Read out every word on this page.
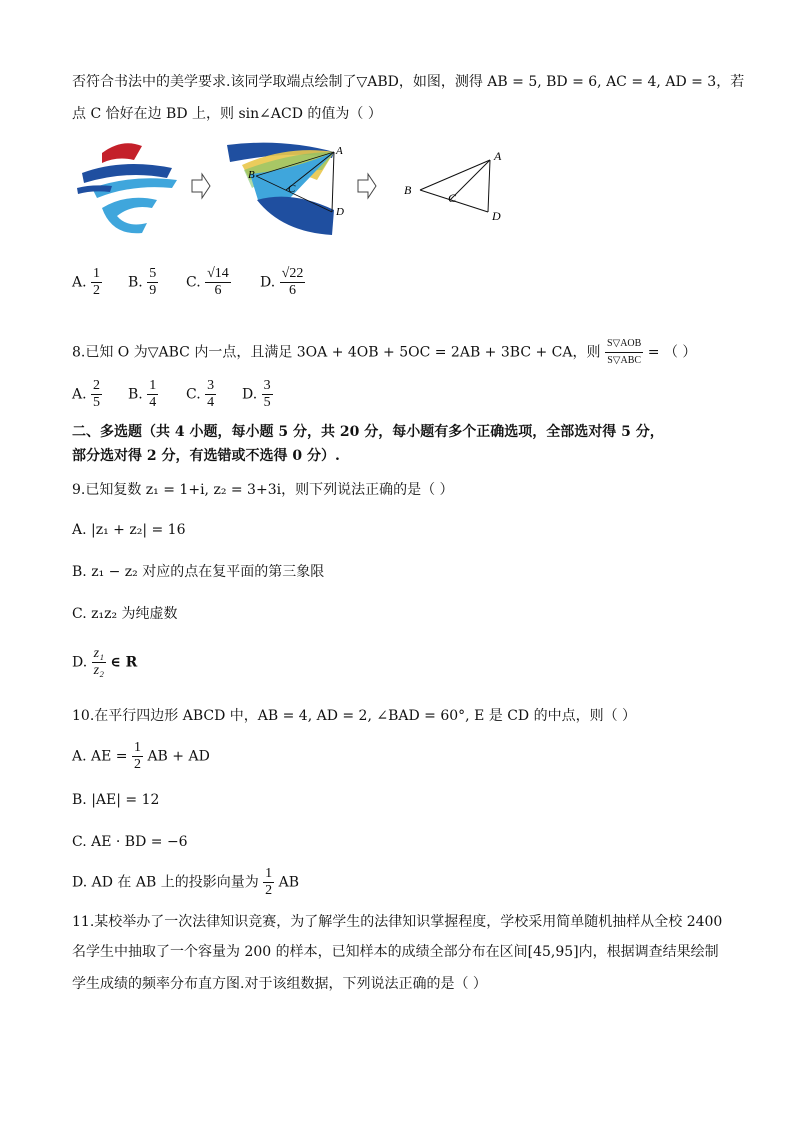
否符合书法中的美学要求.该同学取端点绘制了▽ABD，如图，测得 AB = 5, BD = 6, AC = 4, AD = 3，若
点 C 恰好在边 BD 上，则 sin∠ACD 的值为（ ）
A
B
C
D
A
B
C
D
A. $\frac{1}{2} B$. $\frac{5}{9} C$. $\frac{√14}{6} D$. $\frac{√22}{6}$
8.已知 O 为▽ABC 内一点，且满足 3OA + 4OB + 5OC = 2AB + 3BC + CA，则 $\frac{\text{S▽AOB}}{\text{S▽ABC}}$ = （ ）
A. $\frac{2}{5} B$. $\frac{1}{4} C$. $\frac{3}{4} D$. $\frac{3}{5}$
二、多选题（共 4 小题，每小题 5 分，共 20 分，每小题有多个正确选项，全部选对得 5 分，
部分选对得 2 分，有选错或不选得 0 分）.
9.已知复数 z₁ = 1+i, z₂ = 3+3i，则下列说法正确的是（ ）
A. |z₁ + z₂| = 16
B. z₁ − z₂ 对应的点在复平面的第三象限
C. z₁z₂ 为纯虚数
D. $\frac{\text{z₁}}{\text{z₂}}$ ∈ R
10.在平行四边形 ABCD 中，AB = 4, AD = 2, ∠BAD = 60°, E 是 CD 的中点，则（ ）
A. AE = $\frac{1}{2}$ AB + AD
B. |AE| = 12
C. AE · BD = −6
D. AD 在 AB 上的投影向量为 $\frac{1}{2}$ AB
11.某校举办了一次法律知识竞赛，为了解学生的法律知识掌握程度，学校采用简单随机抽样从全校 2400
名学生中抽取了一个容量为 200 的样本，已知样本的成绩全部分布在区间[45,95]内，根据调查结果绘制
学生成绩的频率分布直方图.对于该组数据，下列说法正确的是（ ）
